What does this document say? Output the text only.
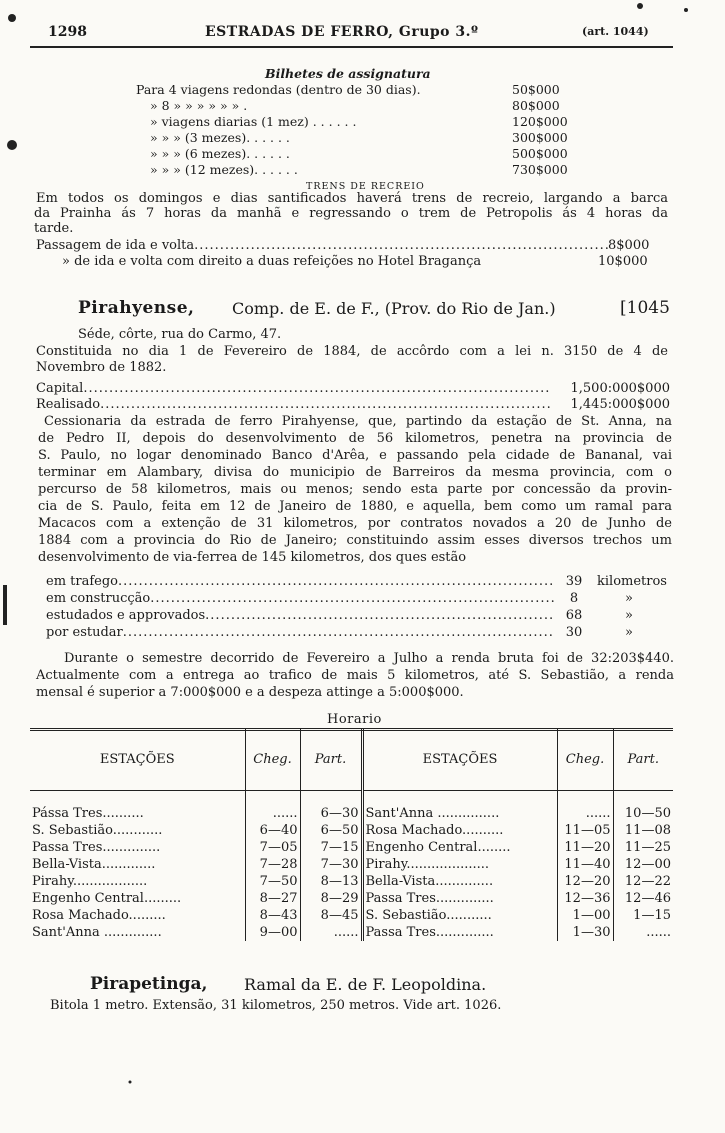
1298	ESTRADAS DE FERRO, Grupo 3.º	(art. 1044)
Bilhetes de assignatura
Para 4 viagens redondas (dentro de 30 dias).	50$000
» 8 » » » » » » .	80$000
» viagens diarias (1 mez) . . . . . .	120$000
» » » (3 mezes). . . . . .	300$000
» » » (6 mezes). . . . . .	500$000
» » » (12 mezes). . . . . .	730$000
TRENS DE RECREIO
Em todos os domingos e dias santificados haverá trens de recreio, largando a barca
da Prainha ás 7 horas da manhã e regressando o trem de Petropolis ás 4 horas da
tarde.
Passagem de ida e volta .....	8$000
» de ida e volta com direito a duas refeições no Hotel Bragança	10$000
Pirahyense, Comp. de E. de F., (Prov. do Rio de Jan.)	[1045
Séde, côrte, rua do Carmo, 47.
Constituida no dia 1 de Fevereiro de 1884, de accôrdo com a lei n. 3150 de 4 de
Novembro de 1882.
Capital .....	1,500:000$000
Realisado .....	1,445:000$000
Cessionaria da estrada de ferro Pirahyense, que, partindo da estação de St. Anna, na
de Pedro II, depois do desenvolvimento de 56 kilometros, penetra na provincia de
S. Paulo, no logar denominado Banco d'Arêa, e passando pela cidade de Bananal, vai
terminar em Alambary, divisa do municipio de Barreiros da mesma provincia, com o
percurso de 58 kilometros, mais ou menos; sendo esta parte por concessão da provin-
cia de S. Paulo, feita em 12 de Janeiro de 1880, e aquella, bem como um ramal para
Macacos com a extenção de 31 kilometros, por contratos novados a 20 de Junho de
1884 com a provincia do Rio de Janeiro; constituindo assim esses diversos trechos um
desenvolvimento de via-ferrea de 145 kilometros, dos ques estão
em trafego .....	39	kilometros
em construcção .....	8	»
estudados e approvados .....	68	»
por estudar .....	30	»
Durante o semestre decorrido de Fevereiro a Julho a renda bruta foi de 32:203$440.
Actualmente com a entrega ao trafico de mais 5 kilometros, até S. Sebastião, a renda
mensal é superior a 7:000$000 e a despeza attinge a 5:000$000.
Horario
ESTAÇÕES	Cheg.	Part.	ESTAÇÕES	Cheg.	Part.
Pássa Tres..........	......	6—30	Sant'Anna ...............	......	10—50
S. Sebastião............	6—40	6—50	Rosa Machado..........	11—05	11—08
Passa Tres..............	7—05	7—15	Engenho Central........	11—20	11—25
Bella-Vista.............	7—28	7—30	Pirahy....................	11—40	12—00
Pirahy..................	7—50	8—13	Bella-Vista..............	12—20	12—22
Engenho Central.........	8—27	8—29	Passa Tres..............	12—36	12—46
Rosa Machado.........	8—43	8—45	S. Sebastião...........	1—00	1—15
Sant'Anna ..............	9—00	......	Passa Tres..............	1—30	......
Pirapetinga, Ramal da E. de F. Leopoldina.
Bitola 1 metro. Extensão, 31 kilometros, 250 metros. Vide art. 1026.
